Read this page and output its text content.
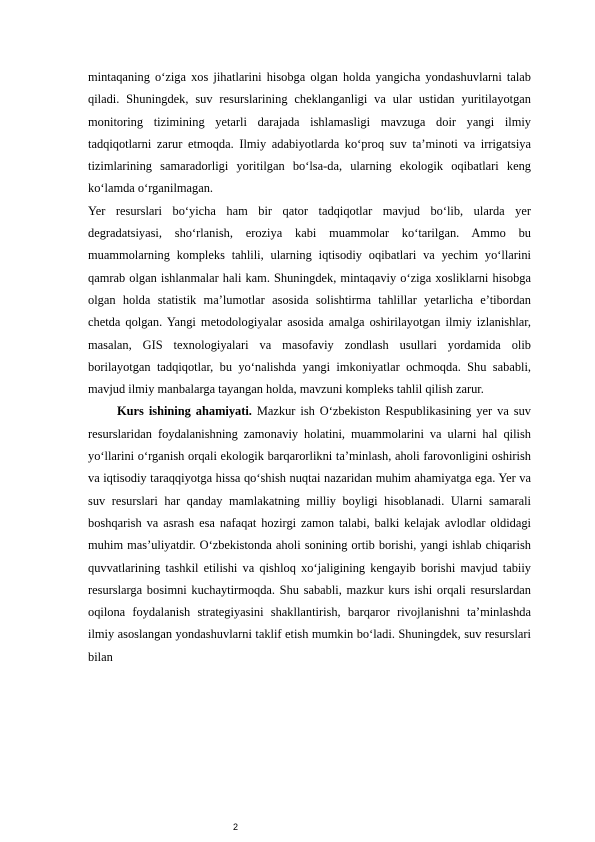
mintaqaning o‘ziga xos jihatlarini hisobga olgan holda yangicha yondashuvlarni talab qiladi. Shuningdek, suv resurslarining cheklanganligi va ular ustidan yuritilayotgan monitoring tizimining yetarli darajada ishlamasligi mavzuga doir yangi ilmiy tadqiqotlarni zarur etmoqda. Ilmiy adabiyotlarda ko‘proq suv ta’minoti va irrigatsiya tizimlarining samaradorligi yoritilgan bo‘lsa-da, ularning ekologik oqibatlari keng ko‘lamda o‘rganilmagan.

Yer resurslari bo‘yicha ham bir qator tadqiqotlar mavjud bo‘lib, ularda yer degradatsiyasi, sho‘rlanish, eroziya kabi muammolar ko‘tarilgan. Ammo bu muammolarning kompleks tahlili, ularning iqtisodiy oqibatlari va yechim yo‘llarini qamrab olgan ishlanmalar hali kam. Shuningdek, mintaqaviy o‘ziga xosliklarni hisobga olgan holda statistik ma’lumotlar asosida solishtirma tahlillar yetarlicha e’tibordan chetda qolgan. Yangi metodologiyalar asosida amalga oshirilayotgan ilmiy izlanishlar, masalan, GIS texnologiyalari va masofaviy zondlash usullari yordamida olib borilayotgan tadqiqotlar, bu yo‘nalishda yangi imkoniyatlar ochmoqda. Shu sababli, mavjud ilmiy manbalarga tayangan holda, mavzuni kompleks tahlil qilish zarur.

Kurs ishining ahamiyati. Mazkur ish O‘zbekiston Respublikasining yer va suv resurslaridan foydalanishning zamonaviy holatini, muammolarini va ularni hal qilish yo‘llarini o‘rganish orqali ekologik barqarorlikni ta’minlash, aholi farovonligini oshirish va iqtisodiy taraqqiyotga hissa qo‘shish nuqtai nazaridan muhim ahamiyatga ega. Yer va suv resurslari har qanday mamlakatning milliy boyligi hisoblanadi. Ularni samarali boshqarish va asrash esa nafaqat hozirgi zamon talabi, balki kelajak avlodlar oldidagi muhim mas’uliyatdir. O‘zbekistonda aholi sonining ortib borishi, yangi ishlab chiqarish quvvatlarining tashkil etilishi va qishloq xo‘jaligining kengayib borishi mavjud tabiiy resurslarga bosimni kuchaytirmoqda. Shu sababli, mazkur kurs ishi orqali resurslardan oqilona foydalanish strategiyasini shakllantirish, barqaror rivojlanishni ta’minlashda ilmiy asoslangan yondashuvlarni taklif etish mumkin bo‘ladi. Shuningdek, suv resurslari bilan

2
